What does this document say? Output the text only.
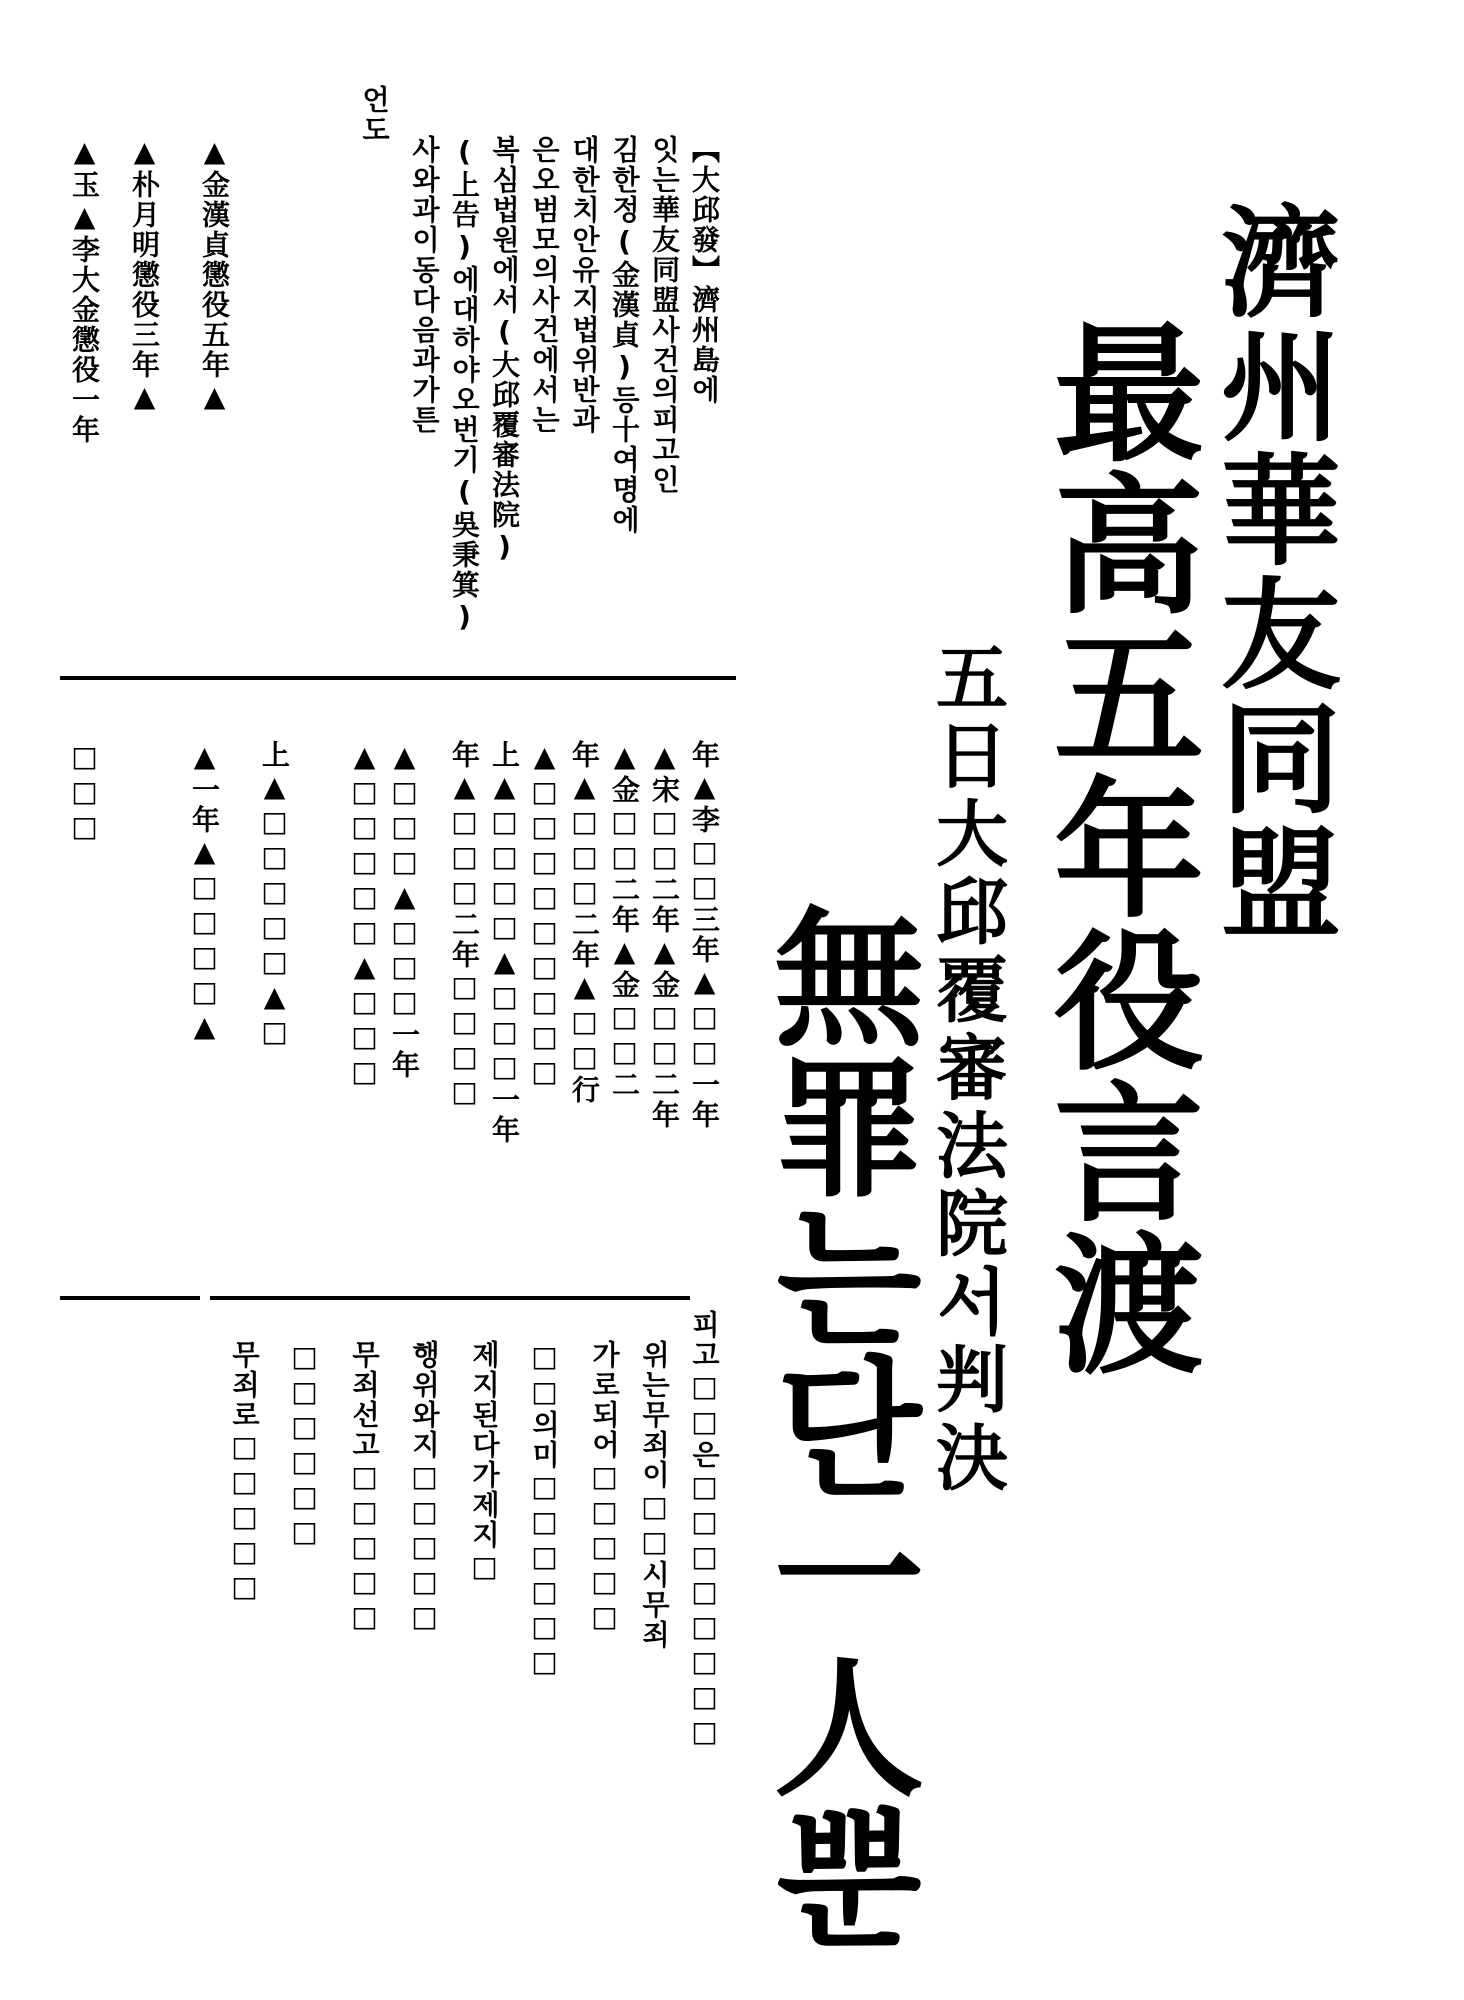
濟州華友同盟
最高五年役言渡
五日大邱覆審法院서判決
無罪는단一人뿐
【大邱發】濟州島에
잇는華友同盟사건의피고인
김한정(金漢貞)등十여명에
대한치안유지법위반과
은오범모의사건에서는
복심법원에서(大邱覆審法院)
(上告)에대하야오번기(吳秉箕)
사와과이동다음과가튼
언도
▲金漢貞懲役五年▲
▲朴月明懲役三年▲
▲玉▲李大金懲役一年
年▲李□□三年▲□□一年
▲宋□□二年▲金□□二年
▲金□□二年▲金□□二
年▲□□□二年▲□□行
▲□□□□□□□□□
上▲□□□□▲□□□一年
年▲□□□二年□□□□
▲□□□▲□□□一年
▲□□□□□▲□□□
上▲□□□□□▲□
▲一年▲□□□□▲
□□□
피고□□은□□□□□□□□
위는무죄이□□시무죄
가로되어□□□□□
□□의미□□□□□□
제지된다가제지□
행위와지□□□□□
무죄선고□□□□□
□□□□□□
무죄로□□□□□
